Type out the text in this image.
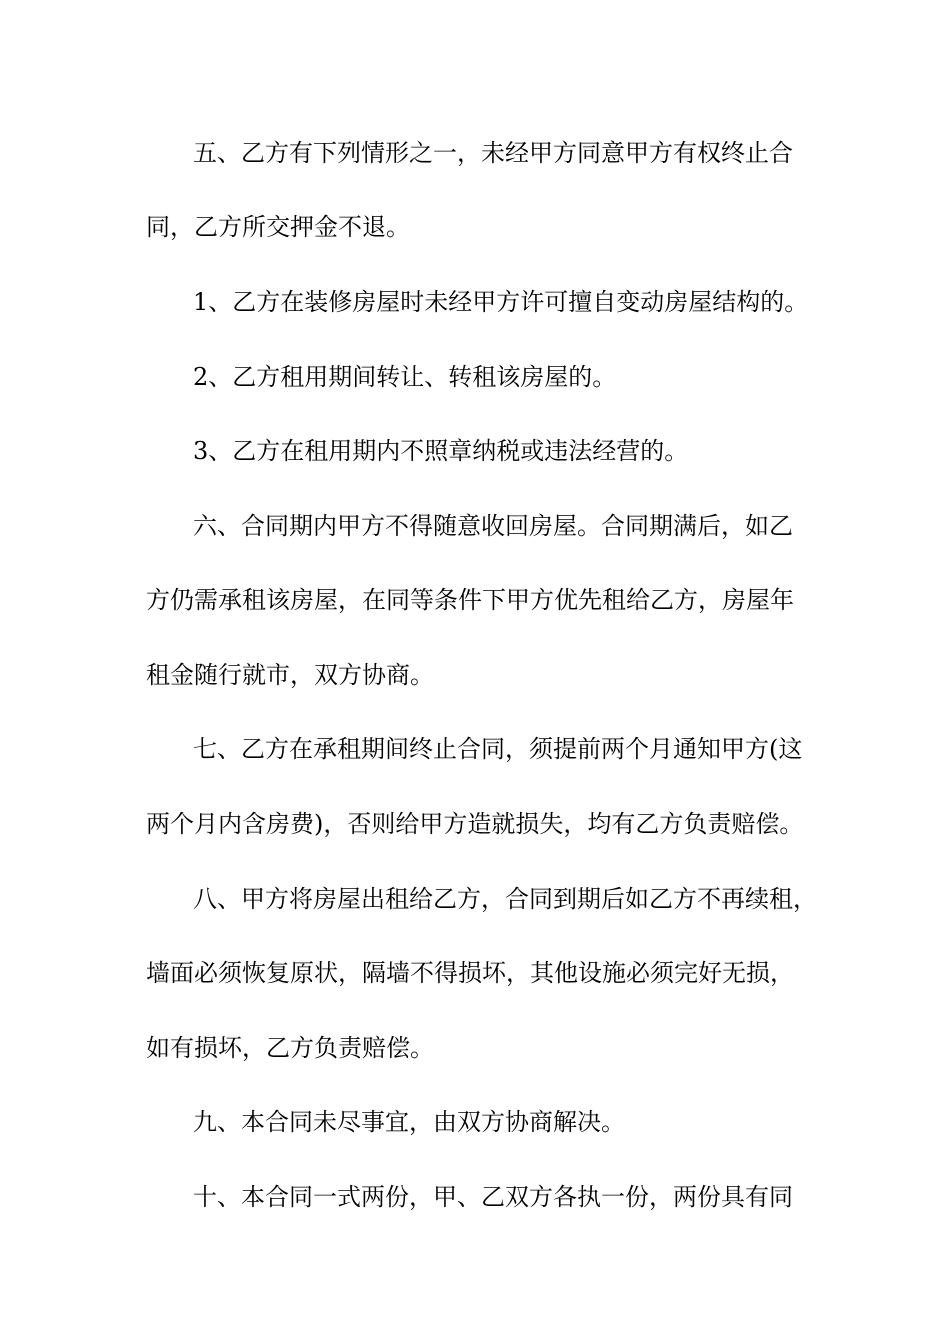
五、乙方有下列情形之一，未经甲方同意甲方有权终止合

同，乙方所交押金不退。

1、乙方在装修房屋时未经甲方许可擅自变动房屋结构的。

2、乙方租用期间转让、转租该房屋的。

3、乙方在租用期内不照章纳税或违法经营的。

六、合同期内甲方不得随意收回房屋。合同期满后，如乙

方仍需承租该房屋，在同等条件下甲方优先租给乙方，房屋年

租金随行就市，双方协商。

七、乙方在承租期间终止合同，须提前两个月通知甲方(这

两个月内含房费)，否则给甲方造就损失，均有乙方负责赔偿。

八、甲方将房屋出租给乙方，合同到期后如乙方不再续租，

墙面必须恢复原状，隔墙不得损坏，其他设施必须完好无损，

如有损坏，乙方负责赔偿。

九、本合同未尽事宜，由双方协商解决。

十、本合同一式两份，甲、乙双方各执一份，两份具有同
